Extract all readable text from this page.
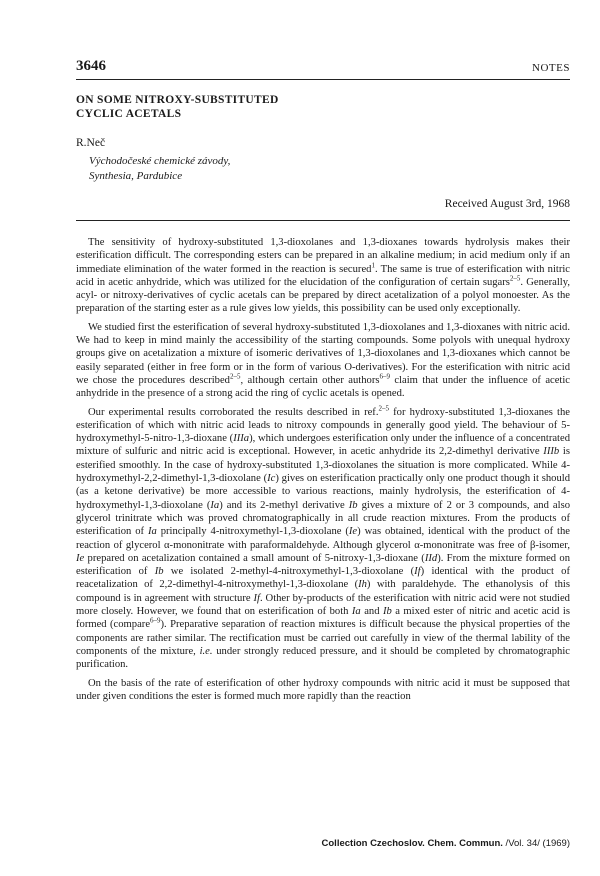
3646	NOTES
ON SOME NITROXY-SUBSTITUTED
CYCLIC ACETALS
R.Neč
Východočeské chemické závody,
Synthesia, Pardubice
Received August 3rd, 1968

The sensitivity of hydroxy-substituted 1,3-dioxolanes and 1,3-dioxanes towards hydrolysis makes their esterification difficult. The corresponding esters can be prepared in an alkaline medium; in acid medium only if an immediate elimination of the water formed in the reaction is secured$^1$. The same is true of esterification with nitric acid in acetic anhydride, which was utilized for the elucidation of the configuration of certain sugars$^{2-5}$. Generally, acyl- or nitroxy-derivatives of cyclic acetals can be prepared by direct acetalization of a polyol monoester. As the preparation of the starting ester as a rule gives low yields, this possibility can be used only exceptionally.

We studied first the esterification of several hydroxy-substituted 1,3-dioxolanes and 1,3-dioxanes with nitric acid. We had to keep in mind mainly the accessibility of the starting compounds. Some polyols with unequal hydroxy groups give on acetalization a mixture of isomeric derivatives of 1,3-dioxolanes and 1,3-dioxanes which cannot be easily separated (either in free form or in the form of various O-derivatives). For the esterification with nitric acid we chose the procedures described$^{2-5}$, although certain other authors$^{6-9}$ claim that under the influence of acetic anhydride in the presence of a strong acid the ring of cyclic acetals is opened.

Our experimental results corroborated the results described in ref.$^{2-5}$ for hydroxy-substituted 1,3-dioxanes the esterification of which with nitric acid leads to nitroxy compounds in generally good yield. The behaviour of 5-hydroxymethyl-5-nitro-1,3-dioxane (IIIa), which undergoes esterification only under the influence of a concentrated mixture of sulfuric and nitric acid is exceptional. However, in acetic anhydride its 2,2-dimethyl derivative IIIb is esterified smoothly. In the case of hydroxy-substituted 1,3-dioxolanes the situation is more complicated. While 4-hydroxymethyl-2,2-dimethyl-1,3-dioxolane (Ic) gives on esterification practically only one product though it should (as a ketone derivative) be more accessible to various reactions, mainly hydrolysis, the esterification of 4-hydroxymethyl-1,3-dioxolane (Ia) and its 2-methyl derivative Ib gives a mixture of 2 or 3 compounds, and also glycerol trinitrate which was proved chromatographically in all crude reaction mixtures. From the products of esterification of Ia principally 4-nitroxymethyl-1,3-dioxolane (Ie) was obtained, identical with the product of the reaction of glycerol α-mononitrate with paraformaldehyde. Although glycerol α-mononitrate was free of β-isomer, Ie prepared on acetalization contained a small amount of 5-nitroxy-1,3-dioxane (IId). From the mixture formed on esterification of Ib we isolated 2-methyl-4-nitroxymethyl-1,3-dioxolane (If) identical with the product of reacetalization of 2,2-dimethyl-4-nitroxymethyl-1,3-dioxolane (Ih) with paraldehyde. The ethanolysis of this compound is in agreement with structure If. Other by-products of the esterification with nitric acid were not studied more closely. However, we found that on esterification of both Ia and Ib a mixed ester of nitric and acetic acid is formed (compare$^{6-9}$). Preparative separation of reaction mixtures is difficult because the physical properties of the components are rather similar. The rectification must be carried out carefully in view of the thermal lability of the components of the mixture, i.e. under strongly reduced pressure, and it should be completed by chromatographic purification.

On the basis of the rate of esterification of other hydroxy compounds with nitric acid it must be supposed that under given conditions the ester is formed much more rapidly than the reaction

Collection Czechoslov. Chem. Commun. /Vol. 34/ (1969)
